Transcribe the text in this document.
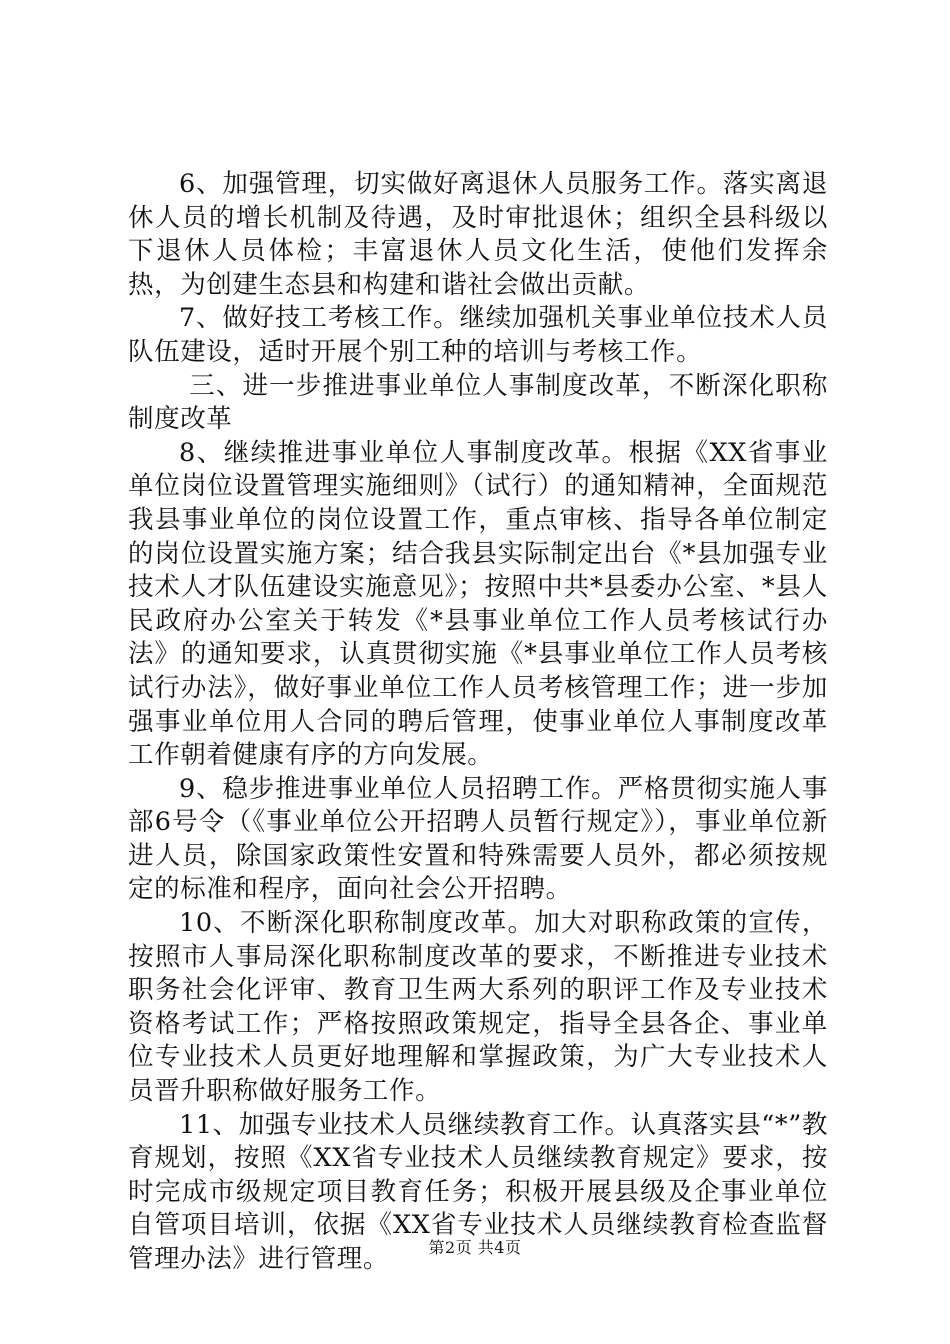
6、加强管理，切实做好离退休人员服务工作。落实离退休人员的增长机制及待遇，及时审批退休；组织全县科级以下退休人员体检；丰富退休人员文化生活，使他们发挥余热，为创建生态县和构建和谐社会做出贡献。

7、做好技工考核工作。继续加强机关事业单位技术人员队伍建设，适时开展个别工种的培训与考核工作。

三、进一步推进事业单位人事制度改革，不断深化职称制度改革

8、继续推进事业单位人事制度改革。根据《XX省事业单位岗位设置管理实施细则》（试行）的通知精神，全面规范我县事业单位的岗位设置工作，重点审核、指导各单位制定的岗位设置实施方案；结合我县实际制定出台《*县加强专业技术人才队伍建设实施意见》；按照中共*县委办公室、*县人民政府办公室关于转发《*县事业单位工作人员考核试行办法》的通知要求，认真贯彻实施《*县事业单位工作人员考核试行办法》，做好事业单位工作人员考核管理工作；进一步加强事业单位用人合同的聘后管理，使事业单位人事制度改革工作朝着健康有序的方向发展。

9、稳步推进事业单位人员招聘工作。严格贯彻实施人事部6号令（《事业单位公开招聘人员暂行规定》），事业单位新进人员，除国家政策性安置和特殊需要人员外，都必须按规定的标准和程序，面向社会公开招聘。

10、不断深化职称制度改革。加大对职称政策的宣传，按照市人事局深化职称制度改革的要求，不断推进专业技术职务社会化评审、教育卫生两大系列的职评工作及专业技术资格考试工作；严格按照政策规定，指导全县各企、事业单位专业技术人员更好地理解和掌握政策，为广大专业技术人员晋升职称做好服务工作。

11、加强专业技术人员继续教育工作。认真落实县“*”教育规划，按照《XX省专业技术人员继续教育规定》要求，按时完成市级规定项目教育任务；积极开展县级及企事业单位自管项目培训，依据《XX省专业技术人员继续教育检查监督管理办法》进行管理。	第2页 共4页
